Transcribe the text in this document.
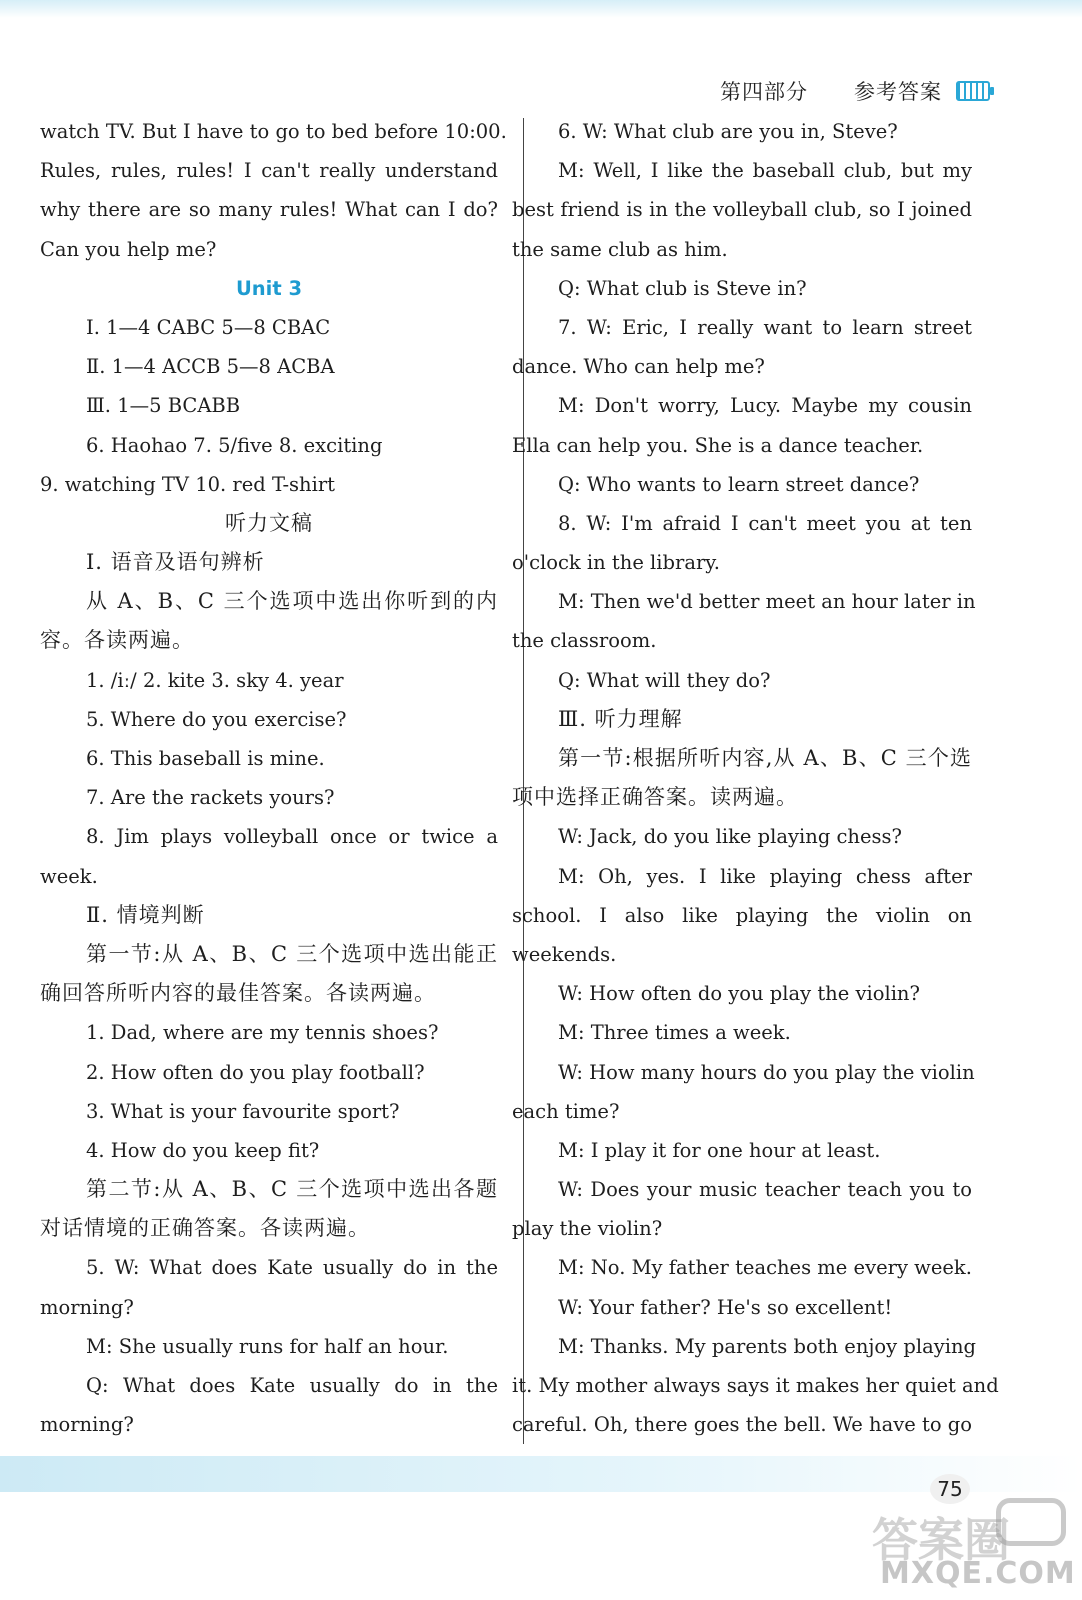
第四部分 参考答案
watch TV. But I have to go to bed before 10:00.
Rules, rules, rules! I can't really understand
why there are so many rules! What can I do?
Can you help me?
Unit 3
Ⅰ. 1—4 CABC 5—8 CBAC
Ⅱ. 1—4 ACCB 5—8 ACBA
Ⅲ. 1—5 BCABB
6. Haohao 7. 5/five 8. exciting
9. watching TV 10. red T-shirt
听力文稿
Ⅰ. 语音及语句辨析
从 A、B、C 三个选项中选出你听到的内
容。各读两遍。
1. /iː/ 2. kite 3. sky 4. year
5. Where do you exercise?
6. This baseball is mine.
7. Are the rackets yours?
8. Jim plays volleyball once or twice a
week.
Ⅱ. 情境判断
第一节:从 A、B、C 三个选项中选出能正
确回答所听内容的最佳答案。各读两遍。
1. Dad, where are my tennis shoes?
2. How often do you play football?
3. What is your favourite sport?
4. How do you keep fit?
第二节:从 A、B、C 三个选项中选出各题
对话情境的正确答案。各读两遍。
5. W: What does Kate usually do in the
morning?
M: She usually runs for half an hour.
Q: What does Kate usually do in the
morning?
6. W: What club are you in, Steve?
M: Well, I like the baseball club, but my
best friend is in the volleyball club, so I joined
the same club as him.
Q: What club is Steve in?
7. W: Eric, I really want to learn street
dance. Who can help me?
M: Don't worry, Lucy. Maybe my cousin
Ella can help you. She is a dance teacher.
Q: Who wants to learn street dance?
8. W: I'm afraid I can't meet you at ten
o'clock in the library.
M: Then we'd better meet an hour later in
the classroom.
Q: What will they do?
Ⅲ. 听力理解
第一节:根据所听内容,从 A、B、C 三个选
项中选择正确答案。读两遍。
W: Jack, do you like playing chess?
M: Oh, yes. I like playing chess after
school. I also like playing the violin on
weekends.
W: How often do you play the violin?
M: Three times a week.
W: How many hours do you play the violin
each time?
M: I play it for one hour at least.
W: Does your music teacher teach you to
play the violin?
M: No. My father teaches me every week.
W: Your father? He's so excellent!
M: Thanks. My parents both enjoy playing
it. My mother always says it makes her quiet and
careful. Oh, there goes the bell. We have to go
75
答案圈
MXQE.COM
